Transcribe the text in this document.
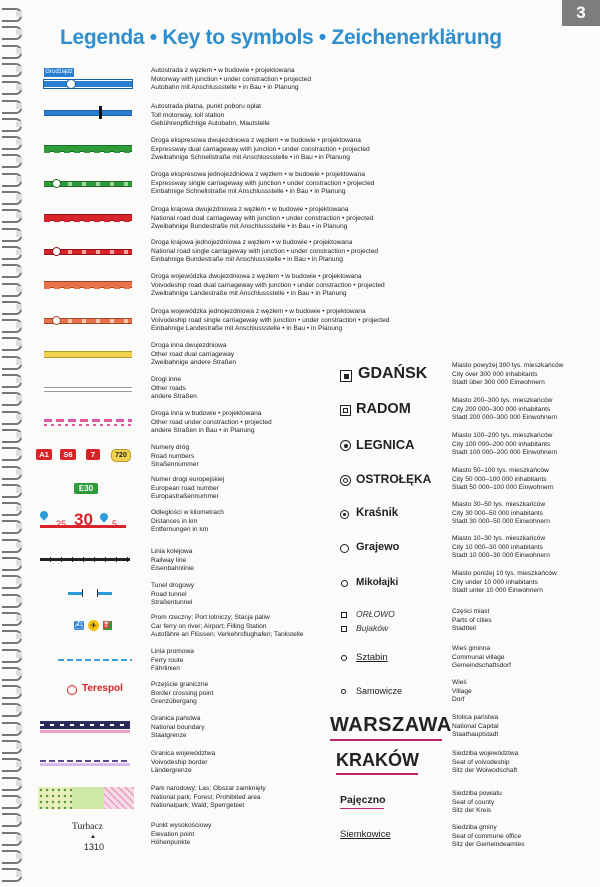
3
Legenda • Key to symbols • Zeichenerklärung
Grudziądz	Autostrada z węzłem • w budowie • projektowana
Motorway with junction • under constraction • projected
Autobahn mit Anschlussstelle • in Bau • in Planung
Autostrada płatna, punkt poboru opłat
Toll motorway, toll station
Gebührenpflichtige Autobahn, Mautstelle
Droga ekspresowa dwujezdniowa z węzłem • w budowie • projektowana
Expressway dual carriageway with junction • under constraction • projected
Zweibahnige Schnellstraße mit Anschlussstelle • in Bau • in Planung
Droga ekspresowa jednojezdniowa z węzłem • w budowie • projektowana
Expressway single carriageway with junction • under constraction • projected
Einbahnige Schnellstraße mit Anschlussstelle • in Bau • in Planung
Droga krajowa dwujezdniowa z węzłem • w budowie • projektowana
National road dual carriageway with junction • under constraction • projected
Zweibahnige Bundestraße mit Anschlussstelle • in Bau • in Planung
Droga krajowa jednojezdniowa z węzłem • w budowie • projektowana
National road single carriageway with junction • under constraction • projected
Einbahnige Bundestraße mit Anschlussstelle • in Bau • in Planung
Droga wojewódzka dwujezdniowa z węzłem • w budowie • projektowana
Voivodeship road dual carriageway with junction • under constraction • projected
Zweibahnige Landestraße mit Anschlussstelle • in Bau • in Planung
Droga wojewódzka jednojezdniowa z węzłem • w budowie • projektowana
Voivodeship road single carriageway with junction • under constraction • projected
Einbahnige Landestraße mit Anschlussstelle • in Bau • in Planung
Droga inna dwujezdniowa
Other road dual carriageway
Zweibahnige andere Straßen
Drogi inne
Other roads
andere Straßen
Droga inna w budowie • projektowana
Other road under constraction • projected
andere Straßen in Bau • in Planung
A1	S6	7	720
Numery dróg
Road numbers
Straßennummer
E30
Numer drogi europejskiej
European road number
Europastraßennummer
25 30 5
Odległości w kilometrach
Distances in km
Entfernungen in km
Linia kolejowa
Railway line
Eisenbahnlinie
Tunel drogowy
Road tunnel
Straßentunnel
⛴ ✈ ⛽
Prom rzeczny; Port lotniczy; Stacja paliw
Car ferry on river; Airport; Filling Station
Autofähre an Flüssen; Verkehrsflughafen; Tankstelle
Linia promowa
Ferry route
Fährlinien
Terespol	Przejście graniczne
Border crossing point
Grenzübergang
Granica państwa
National boundary
Staatgrenze
Granica województwa
Voivodeship border
Ländergrenze
Park narodowy; Las; Obszar zamknięty
National park; Forest; Prohibited area
Nationalpark; Wald; Sperrgebiet
Turbacz
▲
1310
Punkt wysokościowy
Elevation point
Höhenpunkte
GDAŃSK	Miasto powyżej 300 tys. mieszkańców
City over 300 000 inhabitants
Stadt über 300 000 Einwohnern
RADOM
Miasto 200–300 tys. mieszkańców
City 200 000–300 000 inhabitants
Stadt 200 000–300 000 Einwohnern
LEGNICA
Miasto 100–200 tys. mieszkańców
City 100 000–200 000 inhabitants
Stadt 100 000–200 000 Einwohnern
OSTROŁĘKA
Miasto 50–100 tys. mieszkańców
City 50 000–100 000 inhabitants
Stadt 50 000–100 000 Einwohnern
Kraśnik
Miasto 30–50 tys. mieszkańców
City 30 000–50 000 inhabitants
Stadt 30 000–50 000 Einwohnern
Grajewo
Miasto 10–30 tys. mieszkańców
City 10 000–30 000 inhabitants
Stadt 10 000–30 000 Einwohnern
Mikołajki
Miasto poniżej 10 tys. mieszkańców
City under 10 000 inhabitants
Stadt unter 10 000 Einwohnern
ORŁOWO
Bujaków
Części miast
Parts of cities
Stadtteil
Sztabin
Wieś gminna
Communal village
Gemeindschaftsdorf
Samowicze
Wieś
Village
Dorf
WARSZAWA Stolica państwa
National Capital
Staathauptstadt
KRAKÓW	Siedziba województwa
Seat of voivodeship
Sitz der Woiwodschaft
Pajęczno
Siedziba powiatu
Seat of county
Sitz der Kreis
Siemkowice
Siedziba gminy
Seat of commune office
Sitz der Gemeindeamtes
